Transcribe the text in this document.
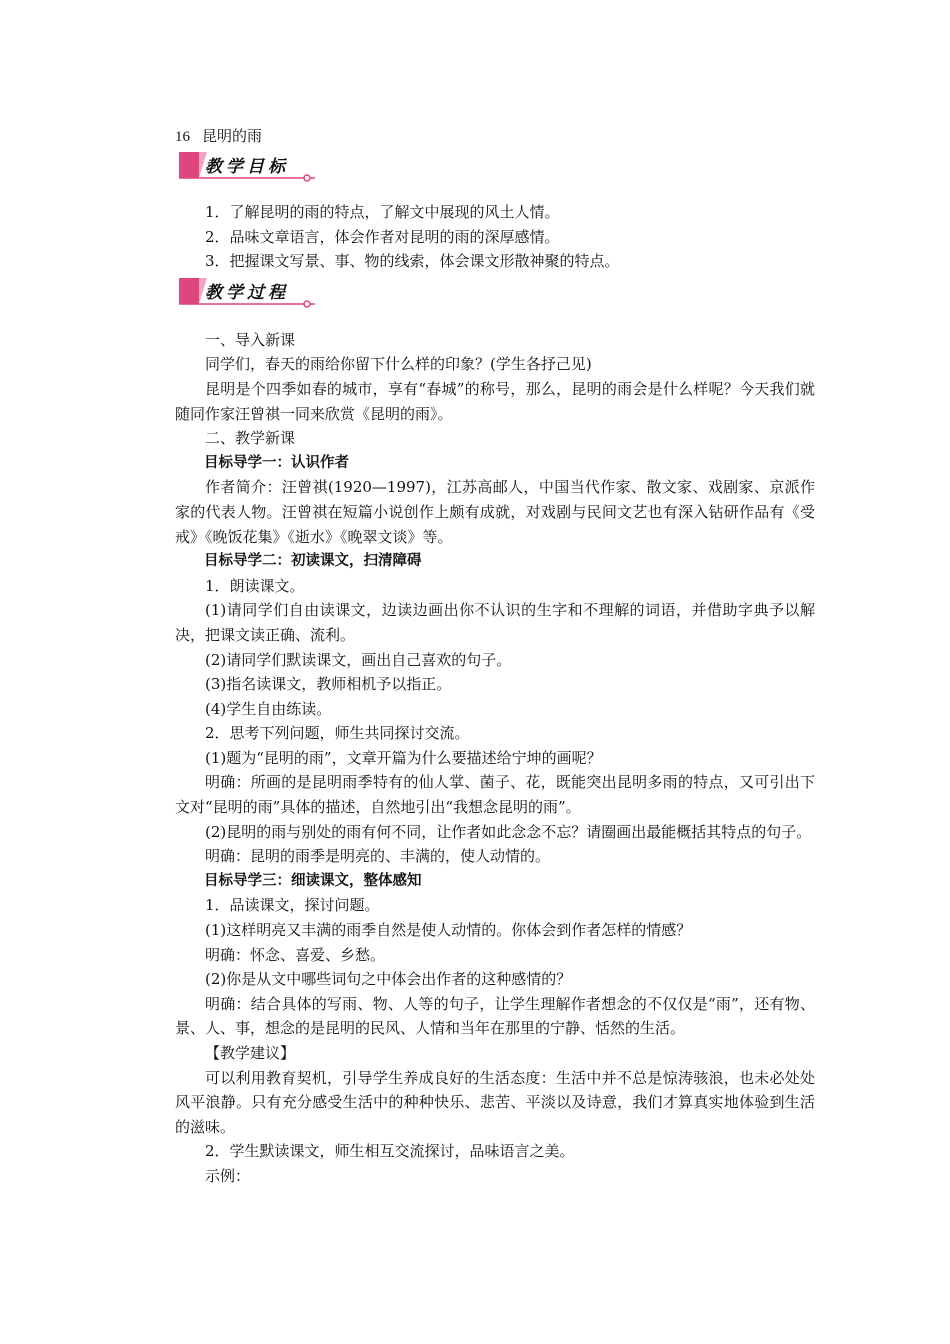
16 昆明的雨
教学目标

1．了解昆明的雨的特点，了解文中展现的风土人情。

2．品味文章语言，体会作者对昆明的雨的深厚感情。

3．把握课文写景、事、物的线索，体会课文形散神聚的特点。

教学过程

一、导入新课

同学们，春天的雨给你留下什么样的印象？(学生各抒己见)

昆明是个四季如春的城市，享有“春城”的称号，那么，昆明的雨会是什么样呢？今天我们就随同作家汪曾祺一同来欣赏《昆明的雨》。

二、教学新课

目标导学一：认识作者

作者简介：汪曾祺(1920—1997)，江苏高邮人，中国当代作家、散文家、戏剧家、京派作家的代表人物。汪曾祺在短篇小说创作上颇有成就，对戏剧与民间文艺也有深入钻研作品有《受戒》《晚饭花集》《逝水》《晚翠文谈》等。

目标导学二：初读课文，扫清障碍

1．朗读课文。

(1)请同学们自由读课文，边读边画出你不认识的生字和不理解的词语，并借助字典予以解决，把课文读正确、流利。

(2)请同学们默读课文，画出自己喜欢的句子。

(3)指名读课文，教师相机予以指正。

(4)学生自由练读。

2．思考下列问题，师生共同探讨交流。

(1)题为“昆明的雨”，文章开篇为什么要描述给宁坤的画呢？

明确：所画的是昆明雨季特有的仙人掌、菌子、花，既能突出昆明多雨的特点，又可引出下文对“昆明的雨”具体的描述，自然地引出“我想念昆明的雨”。

(2)昆明的雨与别处的雨有何不同，让作者如此念念不忘？请圈画出最能概括其特点的句子。

明确：昆明的雨季是明亮的、丰满的，使人动情的。

目标导学三：细读课文，整体感知

1．品读课文，探讨问题。

(1)这样明亮又丰满的雨季自然是使人动情的。你体会到作者怎样的情感？

明确：怀念、喜爱、乡愁。

(2)你是从文中哪些词句之中体会出作者的这种感情的？

明确：结合具体的写雨、物、人等的句子，让学生理解作者想念的不仅仅是“雨”，还有物、景、人、事，想念的是昆明的民风、人情和当年在那里的宁静、恬然的生活。

【教学建议】

可以利用教育契机，引导学生养成良好的生活态度：生活中并不总是惊涛骇浪，也未必处处风平浪静。只有充分感受生活中的种种快乐、悲苦、平淡以及诗意，我们才算真实地体验到生活的滋味。

2．学生默读课文，师生相互交流探讨，品味语言之美。

示例：
